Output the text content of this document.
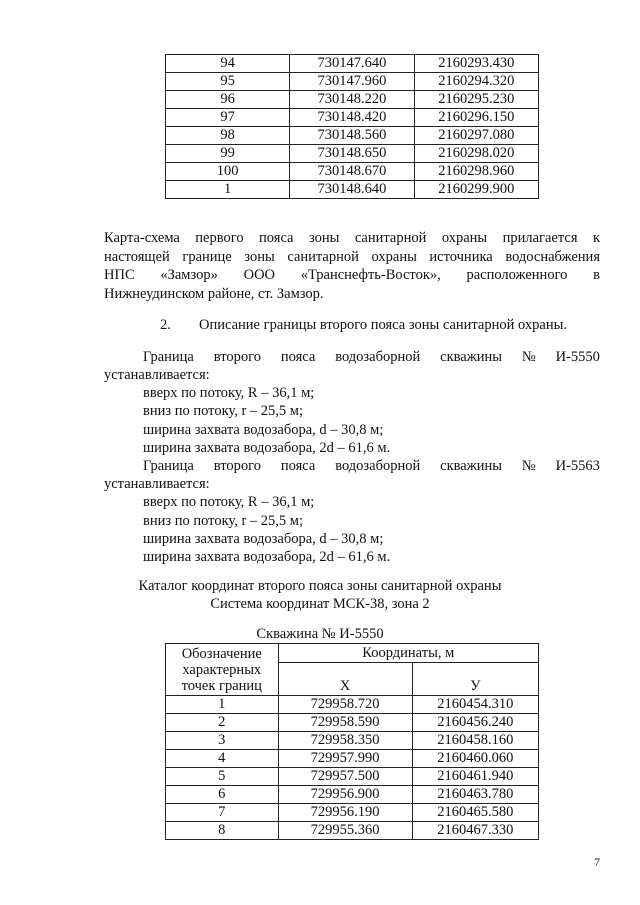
94	730147.640	2160293.430
95	730147.960	2160294.320
96	730148.220	2160295.230
97	730148.420	2160296.150
98	730148.560	2160297.080
99	730148.650	2160298.020
100	730148.670	2160298.960
1	730148.640	2160299.900

Карта-схема первого пояса зоны санитарной охраны прилагается к

настоящей границе зоны санитарной охраны источника водоснабжения

НПС «Замзор» ООО «Транснефть-Восток», расположенного в

Нижнеудинском районе, ст. Замзор.

2. Описание границы второго пояса зоны санитарной охраны.

Граница второго пояса водозаборной скважины № И-5550

устанавливается:

вверх по потоку, R – 36,1 м;

вниз по потоку, r – 25,5 м;

ширина захвата водозабора, d – 30,8 м;

ширина захвата водозабора, 2d – 61,6 м.

Граница второго пояса водозаборной скважины № И-5563

устанавливается:

вверх по потоку, R – 36,1 м;

вниз по потоку, r – 25,5 м;

ширина захвата водозабора, d – 30,8 м;

ширина захвата водозабора, 2d – 61,6 м.

Каталог координат второго пояса зоны санитарной охраны

Система координат МСК-38, зона 2

Скважина № И-5550

Обозначение
характерных
точек границ	Координаты, м	
	X	У
1	729958.720	2160454.310
2	729958.590	2160456.240
3	729958.350	2160458.160
4	729957.990	2160460.060
5	729957.500	2160461.940
6	729956.900	2160463.780
7	729956.190	2160465.580
8	729955.360	2160467.330
7
